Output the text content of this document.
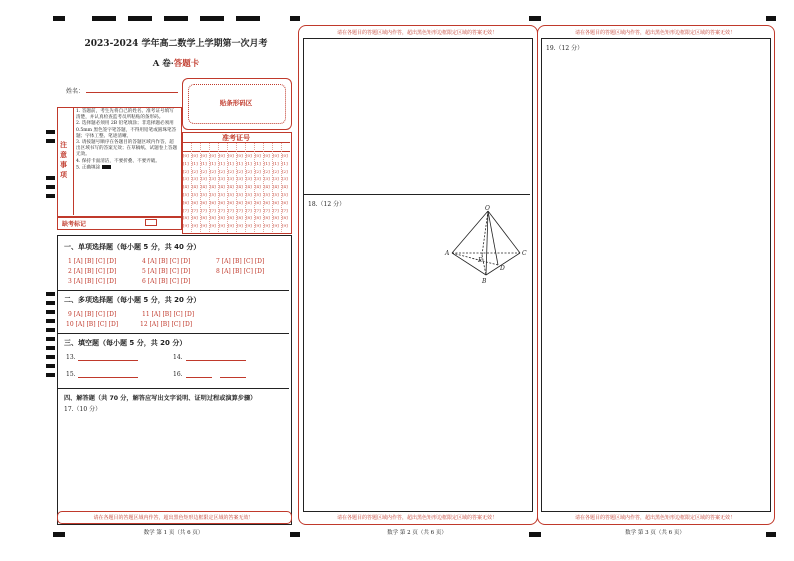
2023-2024 学年高二数学上学期第一次月考
A 卷·答题卡
姓名：
贴条形码区
注意事项
1. 答题前，考生先将自己的姓名、准考证号填写清楚，并认真检查监考员所粘贴的条形码。
2. 选择题必须用 2B 铅笔填涂；非选择题必须用 0.5mm 黑色签字笔答题，不得用铅笔或圆珠笔答题；字体工整、笔迹清晰。
3. 请按题号顺序在各题目的答题区域内作答，超出区域书写的答案无效；在草稿纸、试题卷上答题无效。
4. 保持卡面清洁，不要折叠、不要弄破。
5. 正确填涂
准考证号
[0] [0] [0] [0] [0] [0] [0] [0] [0] [0] [0] [0]
[1] [1] [1] [1] [1] [1] [1] [1] [1] [1] [1] [1]
[2] [2] [2] [2] [2] [2] [2] [2] [2] [2] [2] [2]
[3] [3] [3] [3] [3] [3] [3] [3] [3] [3] [3] [3]
[4] [4] [4] [4] [4] [4] [4] [4] [4] [4] [4] [4]
[5] [5] [5] [5] [5] [5] [5] [5] [5] [5] [5] [5]
[6] [6] [6] [6] [6] [6] [6] [6] [6] [6] [6] [6]
[7] [7] [7] [7] [7] [7] [7] [7] [7] [7] [7] [7]
[8] [8] [8] [8] [8] [8] [8] [8] [8] [8] [8] [8]
[9] [9] [9] [9] [9] [9] [9] [9] [9] [9] [9] [9]
缺考标记
一、单项选择题（每小题 5 分，共 40 分）
1 [A] [B] [C] [D]	4 [A] [B] [C] [D]	7 [A] [B] [C] [D]
2 [A] [B] [C] [D]	5 [A] [B] [C] [D]	8 [A] [B] [C] [D]
3 [A] [B] [C] [D]	6 [A] [B] [C] [D]
二、多项选择题（每小题 5 分，共 20 分）
9 [A] [B] [C] [D]	11 [A] [B] [C] [D]
10 [A] [B] [C] [D]	12 [A] [B] [C] [D]
三、填空题（每小题 5 分，共 20 分）
13.	14.
15.	16.
四、解答题（共 70 分，解答应写出文字说明、证明过程或演算步骤）
17.（10 分）
请在各题目的答题区域内作答，超出黑色矩形边框限定区域的答案无效！
数学 第 1 页（共 6 页）
请在各题目的答题区域内作答，超出黑色矩形边框限定区域的答案无效！
18.（12 分）
O
A	C
B
D
E
请在各题目的答题区域内作答，超出黑色矩形边框限定区域的答案无效！
数学 第 2 页（共 6 页）
请在各题目的答题区域内作答，超出黑色矩形边框限定区域的答案无效！
19.（12 分）
请在各题目的答题区域内作答，超出黑色矩形边框限定区域的答案无效！
数学 第 3 页（共 6 页）
